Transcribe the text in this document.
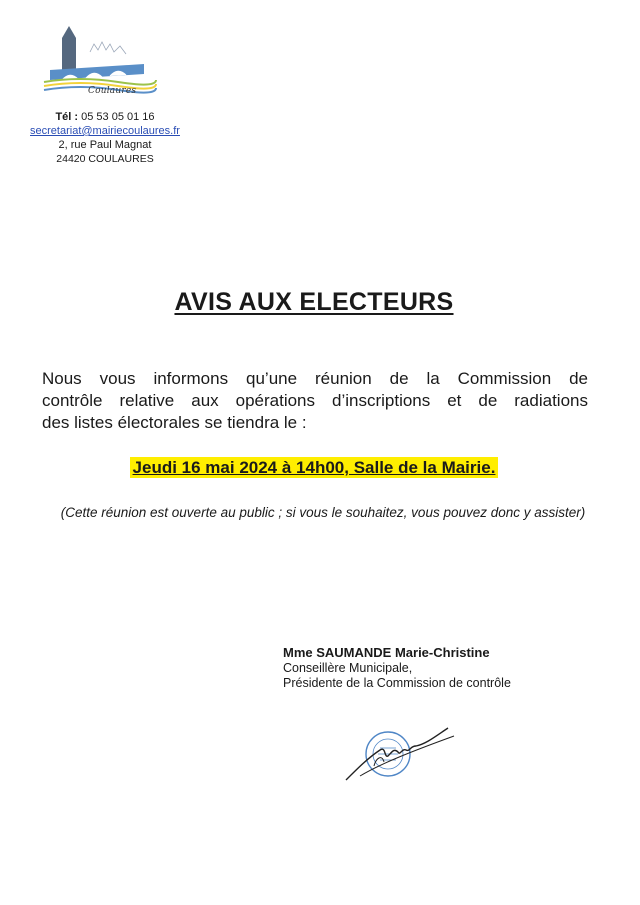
Coulaures
Tél : 05 53 05 01 16
secretariat@mairiecoulaures.fr
2, rue Paul Magnat
24420 COULAURES
AVIS AUX ELECTEURS
Nous vous informons qu’une réunion de la Commission de
contrôle relative aux opérations d’inscriptions et de radiations
des listes électorales se tiendra le :
Jeudi 16 mai 2024 à 14h00, Salle de la Mairie.
(Cette réunion est ouverte au public ; si vous le souhaitez, vous pouvez donc y assister)
Mme SAUMANDE Marie-Christine
Conseillère Municipale,
Présidente de la Commission de contrôle
